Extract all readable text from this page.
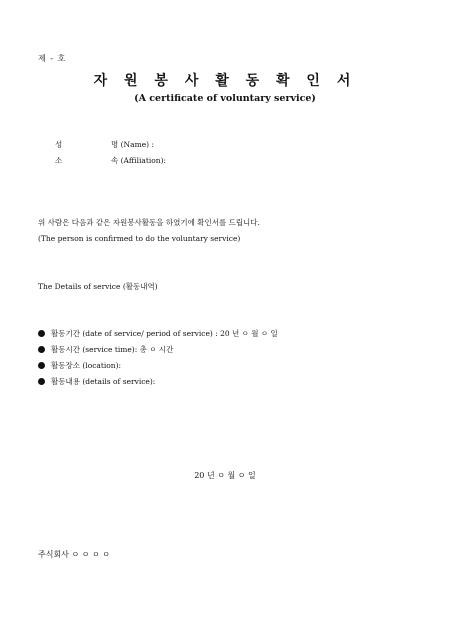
제 - 호
자 원 봉 사 활 동 확 인 서
(A certificate of voluntary service)
성	명 (Name) :
소	속 (Affiliation):
위 사람은 다음과 같은 자원봉사활동을 하였기에 확인서를 드립니다.
(The person is confirmed to do the voluntary service)
The Details of service (활동내역)
활동기간 (date of service/ period of service) : 20 년 ㅇ 월 ㅇ 일
활동시간 (service time): 총 ㅇ 시간
활동장소 (location):
활동내용 (details of service):
20 년 ㅇ 월 ㅇ 일
주식회사 ㅇ ㅇ ㅇ ㅇ
